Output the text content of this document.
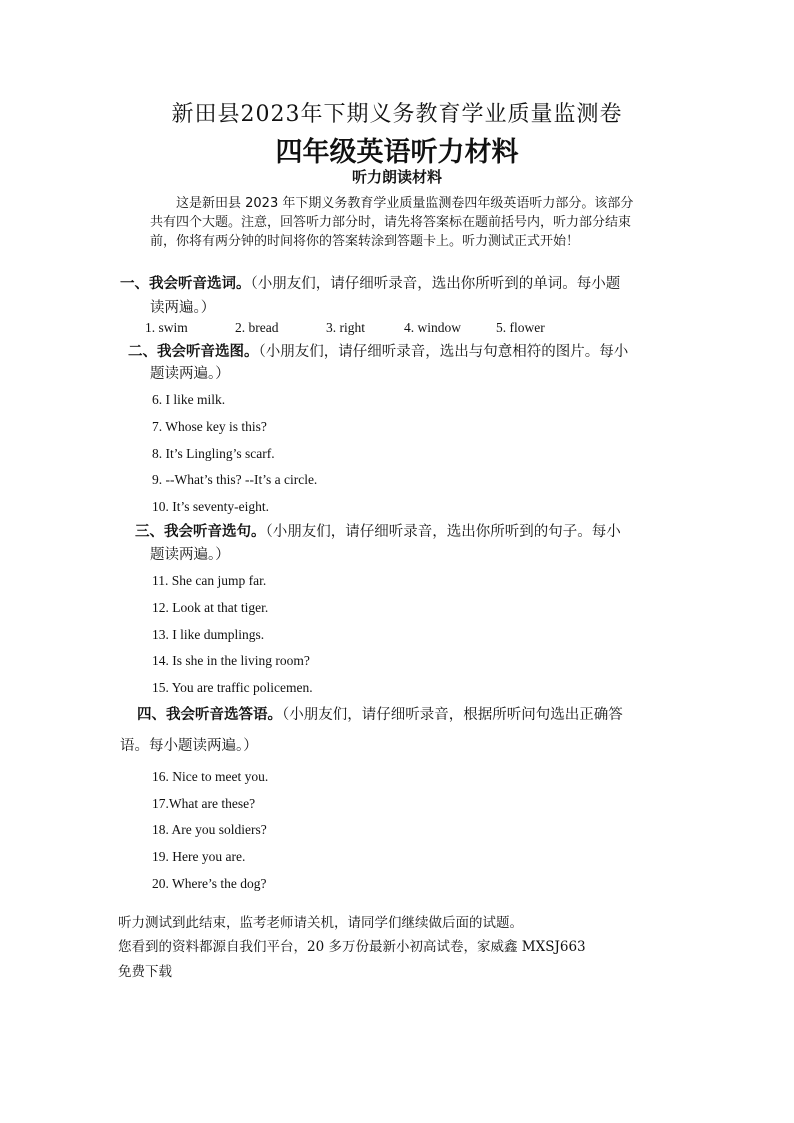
新田县2023年下期义务教育学业质量监测卷
四年级英语听力材料
听力朗读材料
这是新田县 2023 年下期义务教育学业质量监测卷四年级英语听力部分。该部分
共有四个大题。注意，回答听力部分时，请先将答案标在题前括号内，听力部分结束
前，你将有两分钟的时间将你的答案转涂到答题卡上。听力测试正式开始！
一、我会听音选词。（小朋友们，请仔细听录音，选出你所听到的单词。每小题
读两遍。）
1. swim	2. bread	3. right	4. window	5. flower
二、我会听音选图。（小朋友们，请仔细听录音，选出与句意相符的图片。每小
题读两遍。）
6. I like milk.
7. Whose key is this?
8. It’s Lingling’s scarf.
9. --What’s this? --It’s a circle.
10. It’s seventy-eight.
三、我会听音选句。（小朋友们，请仔细听录音，选出你所听到的句子。每小
题读两遍。）
11. She can jump far.
12. Look at that tiger.
13. I like dumplings.
14. Is she in the living room?
15. You are traffic policemen.
四、我会听音选答语。（小朋友们，请仔细听录音，根据所听问句选出正确答
语。每小题读两遍。）
16. Nice to meet you.
17.What are these?
18. Are you soldiers?
19. Here you are.
20. Where’s the dog?
听力测试到此结束，监考老师请关机，请同学们继续做后面的试题。
您看到的资料都源自我们平台，20 多万份最新小初高试卷，家威鑫 MXSJ663
免费下载
